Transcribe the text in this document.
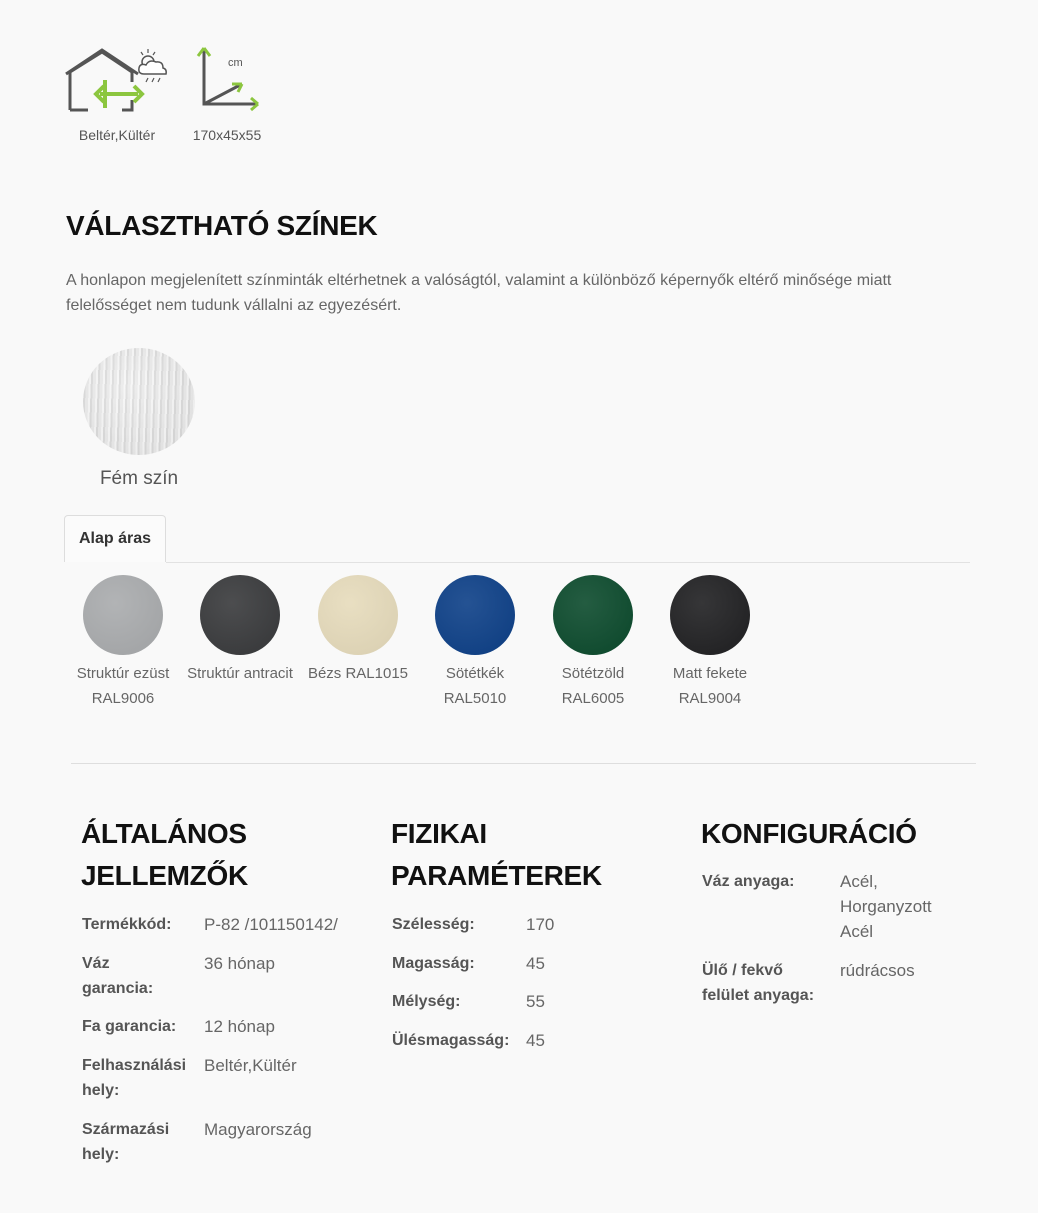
Beltér,Kültér
cm
170x45x55
VÁLASZTHATÓ SZÍNEK

A honlapon megjelenített színminták eltérhetnek a valóságtól, valamint a különböző képernyők eltérő minősége miatt felelősséget nem tudunk vállalni az egyezésért.

Fém szín
Alap áras
Struktúr ezüst
RAL9006
Struktúr antracit	Bézs RAL1015	Sötétkék
RAL5010
Sötétzöld
RAL6005
Matt fekete
RAL9004
ÁLTALÁNOS
JELLEMZŐK
Termékkód: P-82 /101150142/
Váz
garancia:
36 hónap
Fa garancia: 12 hónap
Felhasználási
hely:
Beltér,Kültér
Származási
hely:
Magyarország
FIZIKAI
PARAMÉTEREK
Szélesség:	170
Magasság:	45
Mélység:	55
Ülésmagasság: 45
KONFIGURÁCIÓ
Váz anyaga:	Acél,
Horganyzott
Acél
Ülő / fekvő
felület anyaga:
rúdrácsos
